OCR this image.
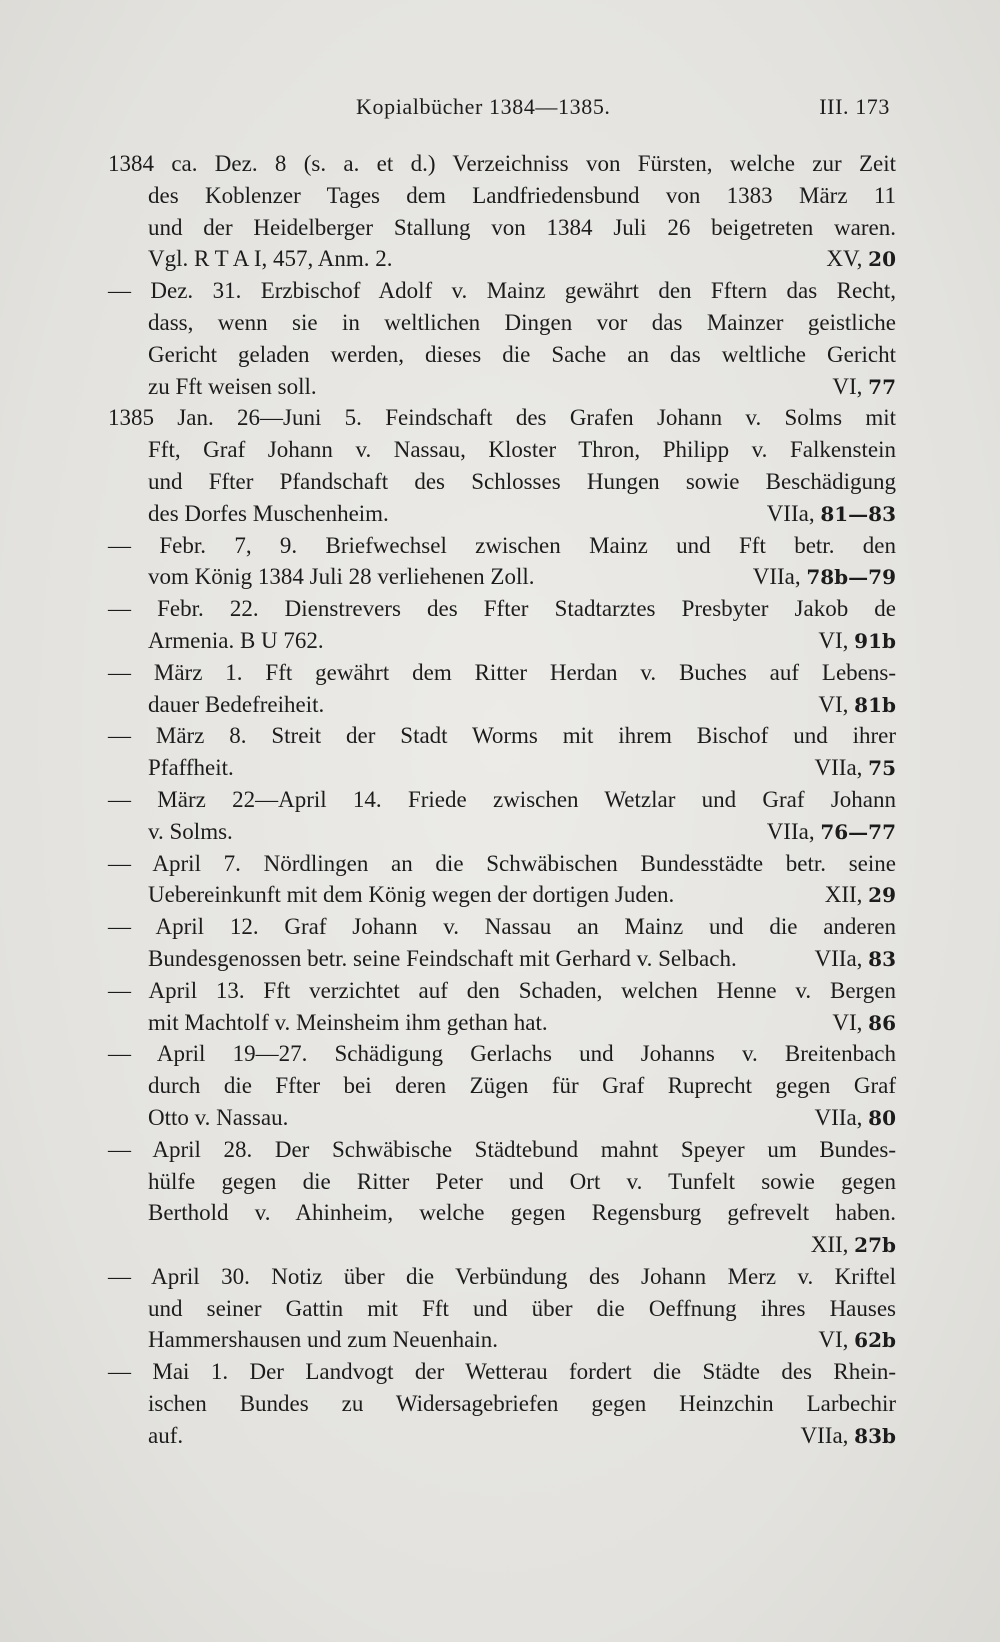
Kopialbücher 1384—1385.	III. 173
1384 ca. Dez. 8 (s. a. et d.) Verzeichniss von Fürsten, welche zur Zeit
des Koblenzer Tages dem Landfriedensbund von 1383 März 11
und der Heidelberger Stallung von 1384 Juli 26 beigetreten waren.
Vgl. R T A I, 457, Anm. 2.	XV, 20
— Dez. 31. Erzbischof Adolf v. Mainz gewährt den Fftern das Recht,
dass, wenn sie in weltlichen Dingen vor das Mainzer geistliche
Gericht geladen werden, dieses die Sache an das weltliche Gericht
zu Fft weisen soll.	VI, 77
1385 Jan. 26—Juni 5. Feindschaft des Grafen Johann v. Solms mit
Fft, Graf Johann v. Nassau, Kloster Thron, Philipp v. Falkenstein
und Ffter Pfandschaft des Schlosses Hungen sowie Beschädigung
des Dorfes Muschenheim.	VIIa, 81—83
— Febr. 7, 9. Briefwechsel zwischen Mainz und Fft betr. den
vom König 1384 Juli 28 verliehenen Zoll.	VIIa, 78b—79
— Febr. 22. Dienstrevers des Ffter Stadtarztes Presbyter Jakob de
Armenia. B U 762.	VI, 91b
— März 1. Fft gewährt dem Ritter Herdan v. Buches auf Lebens-
dauer Bedefreiheit.	VI, 81b
— März 8. Streit der Stadt Worms mit ihrem Bischof und ihrer
Pfaffheit.	VIIa, 75
— März 22—April 14. Friede zwischen Wetzlar und Graf Johann
v. Solms.	VIIa, 76—77
— April 7. Nördlingen an die Schwäbischen Bundesstädte betr. seine
Uebereinkunft mit dem König wegen der dortigen Juden.	XII, 29
— April 12. Graf Johann v. Nassau an Mainz und die anderen
Bundesgenossen betr. seine Feindschaft mit Gerhard v. Selbach.	VIIa, 83
— April 13. Fft verzichtet auf den Schaden, welchen Henne v. Bergen
mit Machtolf v. Meinsheim ihm gethan hat.	VI, 86
— April 19—27. Schädigung Gerlachs und Johanns v. Breitenbach
durch die Ffter bei deren Zügen für Graf Ruprecht gegen Graf
Otto v. Nassau.	VIIa, 80
— April 28. Der Schwäbische Städtebund mahnt Speyer um Bundes-
hülfe gegen die Ritter Peter und Ort v. Tunfelt sowie gegen
Berthold v. Ahinheim, welche gegen Regensburg gefrevelt haben.
XII, 27b
— April 30. Notiz über die Verbündung des Johann Merz v. Kriftel
und seiner Gattin mit Fft und über die Oeffnung ihres Hauses
Hammershausen und zum Neuenhain.	VI, 62b
— Mai 1. Der Landvogt der Wetterau fordert die Städte des Rhein-
ischen Bundes zu Widersagebriefen gegen Heinzchin Larbechir
auf.	VIIa, 83b
